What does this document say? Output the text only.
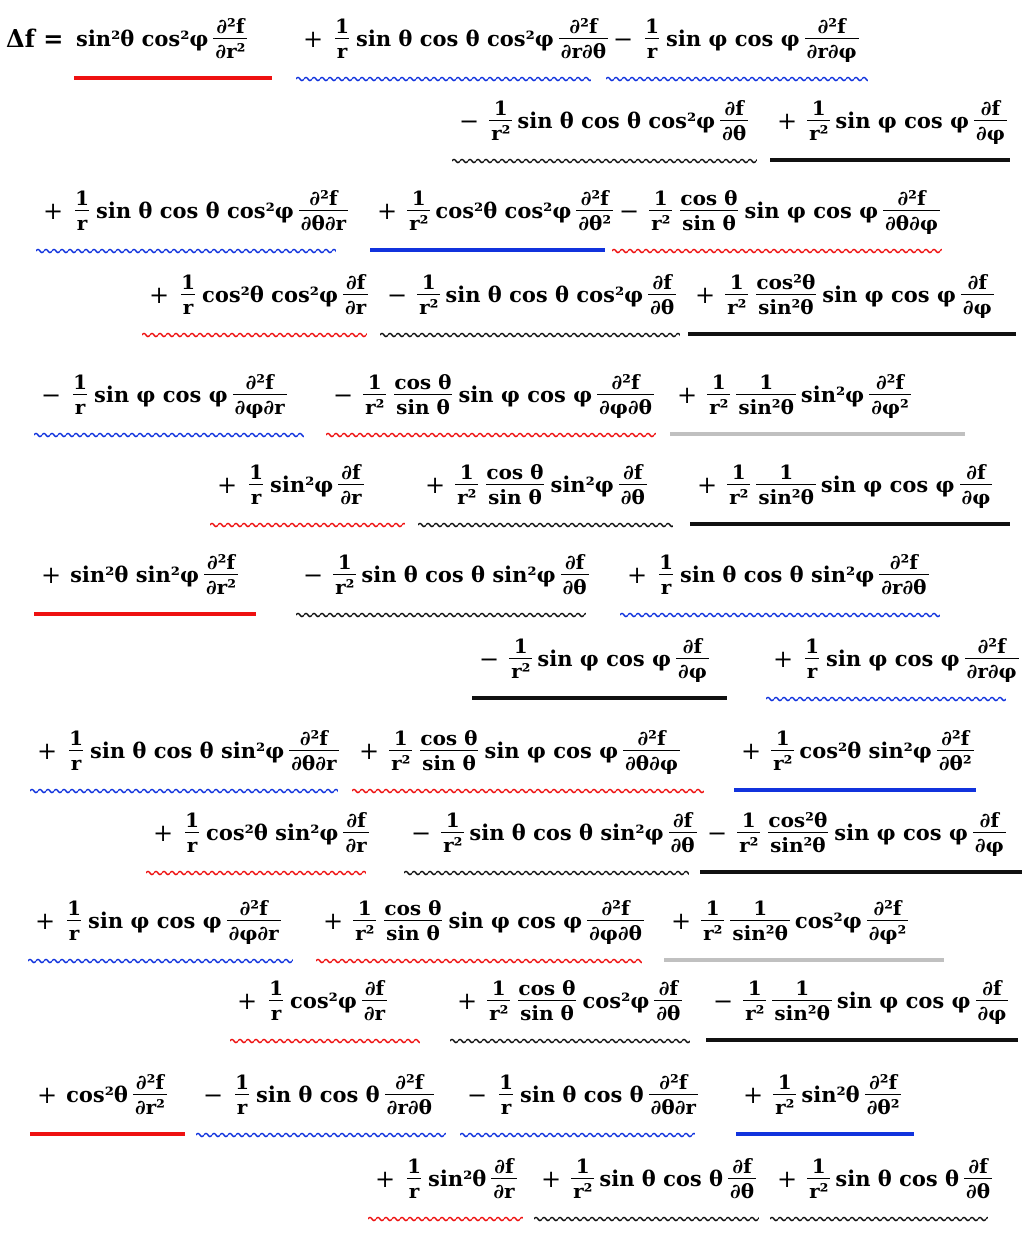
Δf = sin²θ $\cos^2\varphi \frac{\text{∂²f}}{\text{∂r²}} + \frac{1}{r}$ sin θ cos θ $\cos^2\varphi \frac{\text{∂²f}}{\partial r\partial\theta} - \frac{1}{r}$ sin φ cos φ $\frac{\text{∂²f}}{\partial r\partial\varphi}$
− $\frac{1}{\text{r²}}$ sin θ cos θ $\cos^2\varphi \frac{\partial f}{\partial\theta} + \frac{1}{\text{r²}}$ sin φ cos φ $\frac{\partial f}{\partial\varphi}$
+ $\frac{1}{r}$ sin θ cos θ $\cos^2\varphi \frac{\text{∂²f}}{\partial\theta\partial r} + \frac{1}{\text{r²}} \cos^2\theta$ $\cos^2\varphi \frac{\text{∂²f}}{\text{∂θ²}} - \frac{1}{\text{r²}} \frac{\text{cos θ}}{\text{sin θ}}$ sin φ cos φ $\frac{\text{∂²f}}{\partial\theta\partial\varphi}$
+ $\frac{1}{r} \cos^2\theta$ $\cos^2\varphi \frac{\partial f}{\partial r} - \frac{1}{\text{r²}}$ sin θ cos θ $\cos^2\varphi \frac{\partial f}{\partial\theta} + \frac{1}{\text{r²}} \frac{\text{cos²θ}}{\text{sin²θ}}$ sin φ cos φ $\frac{\partial f}{\partial\varphi}$
− $\frac{1}{r}$ sin φ cos φ $\frac{\text{∂²f}}{\partial\varphi\partial r} - \frac{1}{\text{r²}} \frac{\text{cos θ}}{\text{sin θ}}$ sin φ cos φ $\frac{\text{∂²f}}{\partial\varphi\partial\theta} + \frac{1}{\text{r²}} \frac{1}{\text{sin²θ}} \sin^2\varphi \frac{\text{∂²f}}{\text{∂φ²}}$
+ $\frac{1}{r} \sin^2\varphi \frac{\partial f}{\partial r}$	+ $\frac{1}{\text{r²}} \frac{\text{cos θ}}{\text{sin θ}} \sin^2\varphi \frac{\partial f}{\partial\theta} + \frac{1}{\text{r²}} \frac{1}{\text{sin²θ}}$ sin φ cos φ $\frac{\partial f}{\partial\varphi}$
+ sin²θ $\sin^2\varphi \frac{\text{∂²f}}{\text{∂r²}}$	− $\frac{1}{\text{r²}}$ sin θ cos θ $\sin^2\varphi \frac{\partial f}{\partial\theta} + \frac{1}{r}$ sin θ cos θ $\sin^2\varphi \frac{\text{∂²f}}{\partial r\partial\theta}$
− $\frac{1}{\text{r²}}$ sin φ cos φ $\frac{\partial f}{\partial\varphi}$	+ $\frac{1}{r}$ sin φ cos φ $\frac{\text{∂²f}}{\partial r\partial\varphi}$
+ $\frac{1}{r}$ sin θ cos θ $\sin^2\varphi \frac{\text{∂²f}}{\partial\theta\partial r} + \frac{1}{\text{r²}} \frac{\text{cos θ}}{\text{sin θ}}$ sin φ cos φ $\frac{\text{∂²f}}{\partial\theta\partial\varphi}$	+ $\frac{1}{\text{r²}} \cos^2\theta$ $\sin^2\varphi \frac{\text{∂²f}}{\text{∂θ²}}$
+ $\frac{1}{r} \cos^2\theta$ $\sin^2\varphi \frac{\partial f}{\partial r} - \frac{1}{\text{r²}}$ sin θ cos θ $\sin^2\varphi \frac{\partial f}{\partial\theta} - \frac{1}{\text{r²}} \frac{\text{cos²θ}}{\text{sin²θ}}$ sin φ cos φ $\frac{\partial f}{\partial\varphi}$
+ $\frac{1}{r}$ sin φ cos φ $\frac{\text{∂²f}}{\partial\varphi\partial r} + \frac{1}{\text{r²}} \frac{\text{cos θ}}{\text{sin θ}}$ sin φ cos φ $\frac{\text{∂²f}}{\partial\varphi\partial\theta} + \frac{1}{\text{r²}} \frac{1}{\text{sin²θ}} \cos^2\varphi \frac{\text{∂²f}}{\text{∂φ²}}$
+ $\frac{1}{r} \cos^2\varphi \frac{\partial f}{\partial r}$	+ $\frac{1}{\text{r²}} \frac{\text{cos θ}}{\text{sin θ}} \cos^2\varphi \frac{\partial f}{\partial\theta} - \frac{1}{\text{r²}} \frac{1}{\text{sin²θ}}$ sin φ cos φ $\frac{\partial f}{\partial\varphi}$
+ $\cos^2\theta \frac{\text{∂²f}}{\text{∂r²}} - \frac{1}{r}$ sin θ cos θ $\frac{\text{∂²f}}{\partial r\partial\theta} - \frac{1}{r}$ sin θ cos θ $\frac{\text{∂²f}}{\partial\theta\partial r} + \frac{1}{\text{r²}} \sin^2\theta \frac{\text{∂²f}}{\text{∂θ²}}$
+ $\frac{1}{r} \sin^2\theta \frac{\partial f}{\partial r} + \frac{1}{\text{r²}}$ sin θ cos θ $\frac{\partial f}{\partial\theta} + \frac{1}{\text{r²}}$ sin θ cos θ $\frac{\partial f}{\partial\theta}$
